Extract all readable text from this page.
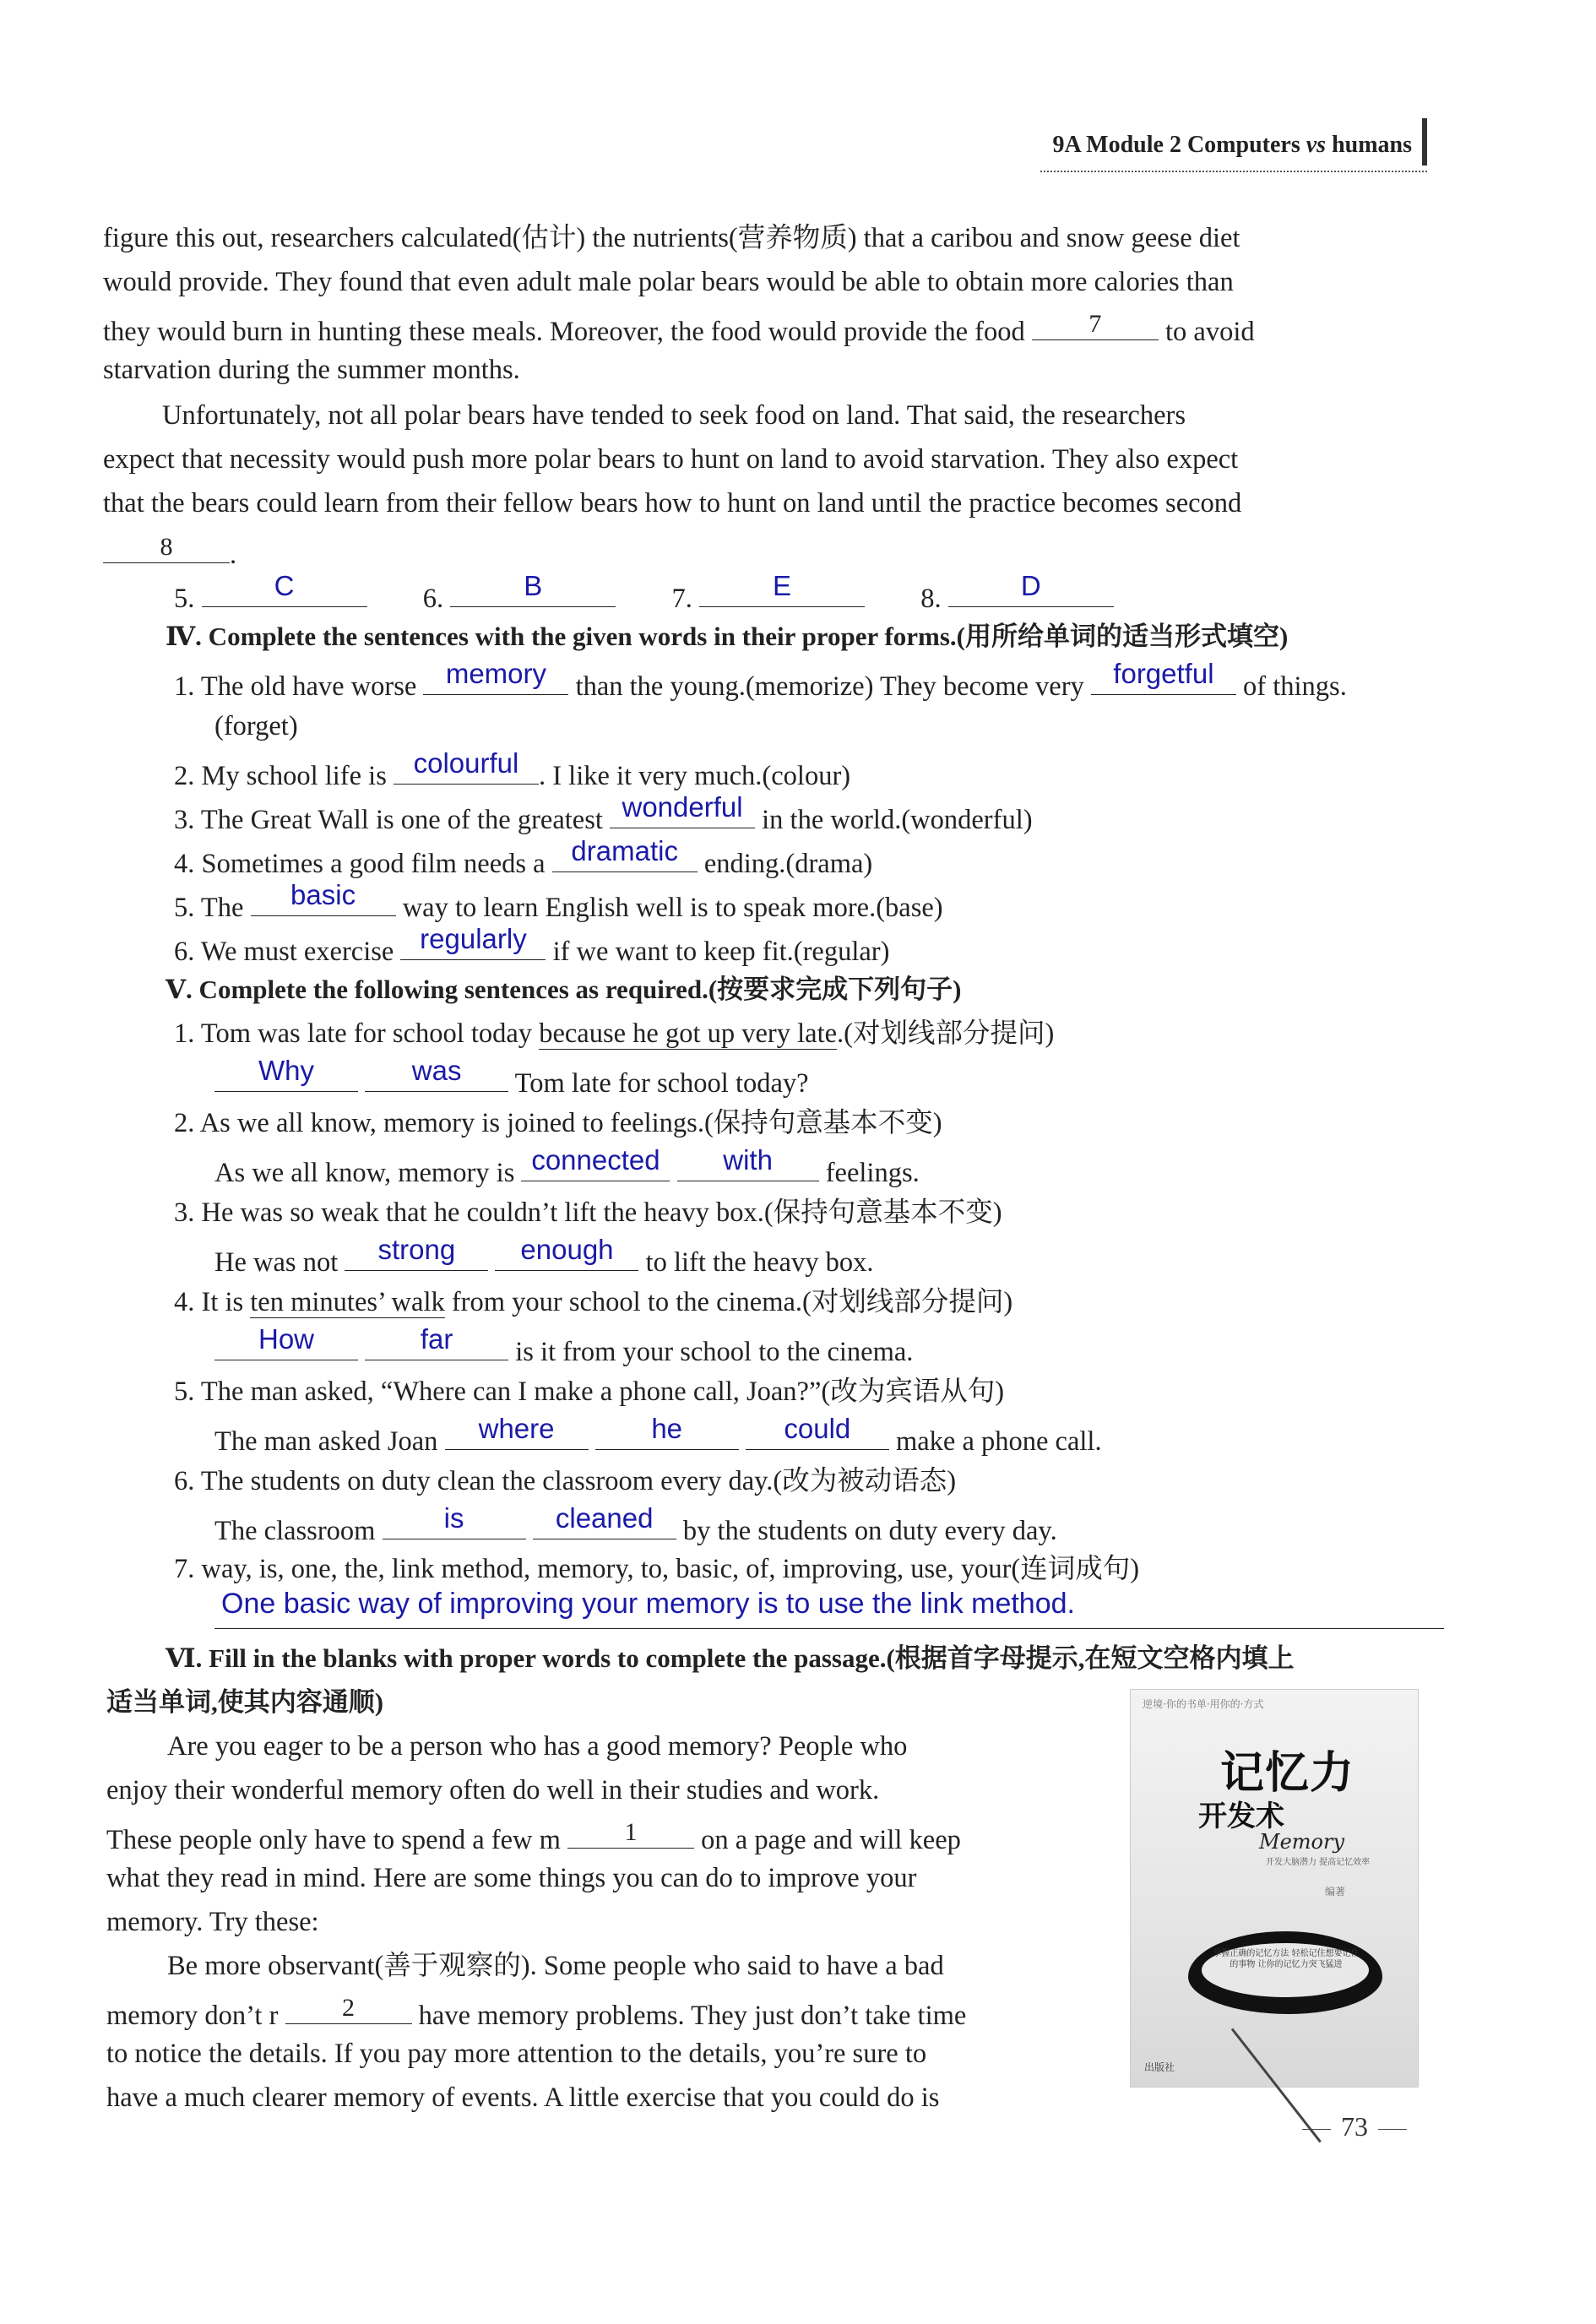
9A Module 2 Computers vs humans
figure this out, researchers calculated(估计) the nutrients(营养物质) that a caribou and snow geese diet
would provide. They found that even adult male polar bears would be able to obtain more calories than
they would burn in hunting these meals. Moreover, the food would provide the food	7	to avoid
starvation during the summer months.
Unfortunately, not all polar bears have tended to seek food on land. That said, the researchers
expect that necessity would push more polar bears to hunt on land to avoid starvation. They also expect
that the bears could learn from their fellow bears how to hunt on land until the practice becomes second
8	.
5.	C	6.	B	7.	E	8.	D
Ⅳ. Complete the sentences with the given words in their proper forms.(用所给单词的适当形式填空)
1. The old have worse	memory	than the young.(memorize) They become very	forgetful	of things.
(forget)
2. My school life is colourful . I like it very much.(colour)
3. The Great Wall is one of the greatest wonderful in the world.(wonderful)
4. Sometimes a good film needs a dramatic ending.(drama)
5. The	basic	way to learn English well is to speak more.(base)
6. We must exercise regularly if we want to keep fit.(regular)
Ⅴ. Complete the following sentences as required.(按要求完成下列句子)
1. Tom was late for school today because he got up very late.(对划线部分提问)
Why
	was	Tom late for school today?
2. As we all know, memory is joined to feelings.(保持句意基本不变)
As we all know, memory is connected
	with	feelings.
3. He was so weak that he couldn’t lift the heavy box.(保持句意基本不变)
He was not	strong
	enough	to lift the heavy box.
4. It is ten minutes’ walk from your school to the cinema.(对划线部分提问)
How
	far	is it from your school to the cinema.
5. The man asked, “Where can I make a phone call, Joan?”(改为宾语从句)
The man asked Joan	where
	he
	could	make a phone call.
6. The students on duty clean the classroom every day.(改为被动语态)
The classroom	is
	cleaned	by the students on duty every day.
7. way, is, one, the, link method, memory, to, basic, of, improving, use, your(连词成句)
One basic way of improving your memory is to use the link method.
Ⅵ. Fill in the blanks with proper words to complete the passage.(根据首字母提示,在短文空格内填上
适当单词,使其内容通顺)
Are you eager to be a person who has a good memory? People who
enjoy their wonderful memory often do well in their studies and work.
These people only have to spend a few m	1	on a page and will keep
what they read in mind. Here are some things you can do to improve your
memory. Try these:
Be more observant(善于观察的). Some people who said to have a bad
memory don’t r	2	have memory problems. They just don’t take time
to notice the details. If you pay more attention to the details, you’re sure to
have a much clearer memory of events. A little exercise that you could do is
逆境·你的书单·用你的·方式
记忆力
开发术
Memory
开发大脑潜力 提高记忆效率
编著
掌握正确的记忆方法 轻松记住想要记住的事物 让你的记忆力突飞猛进
出版社
73
